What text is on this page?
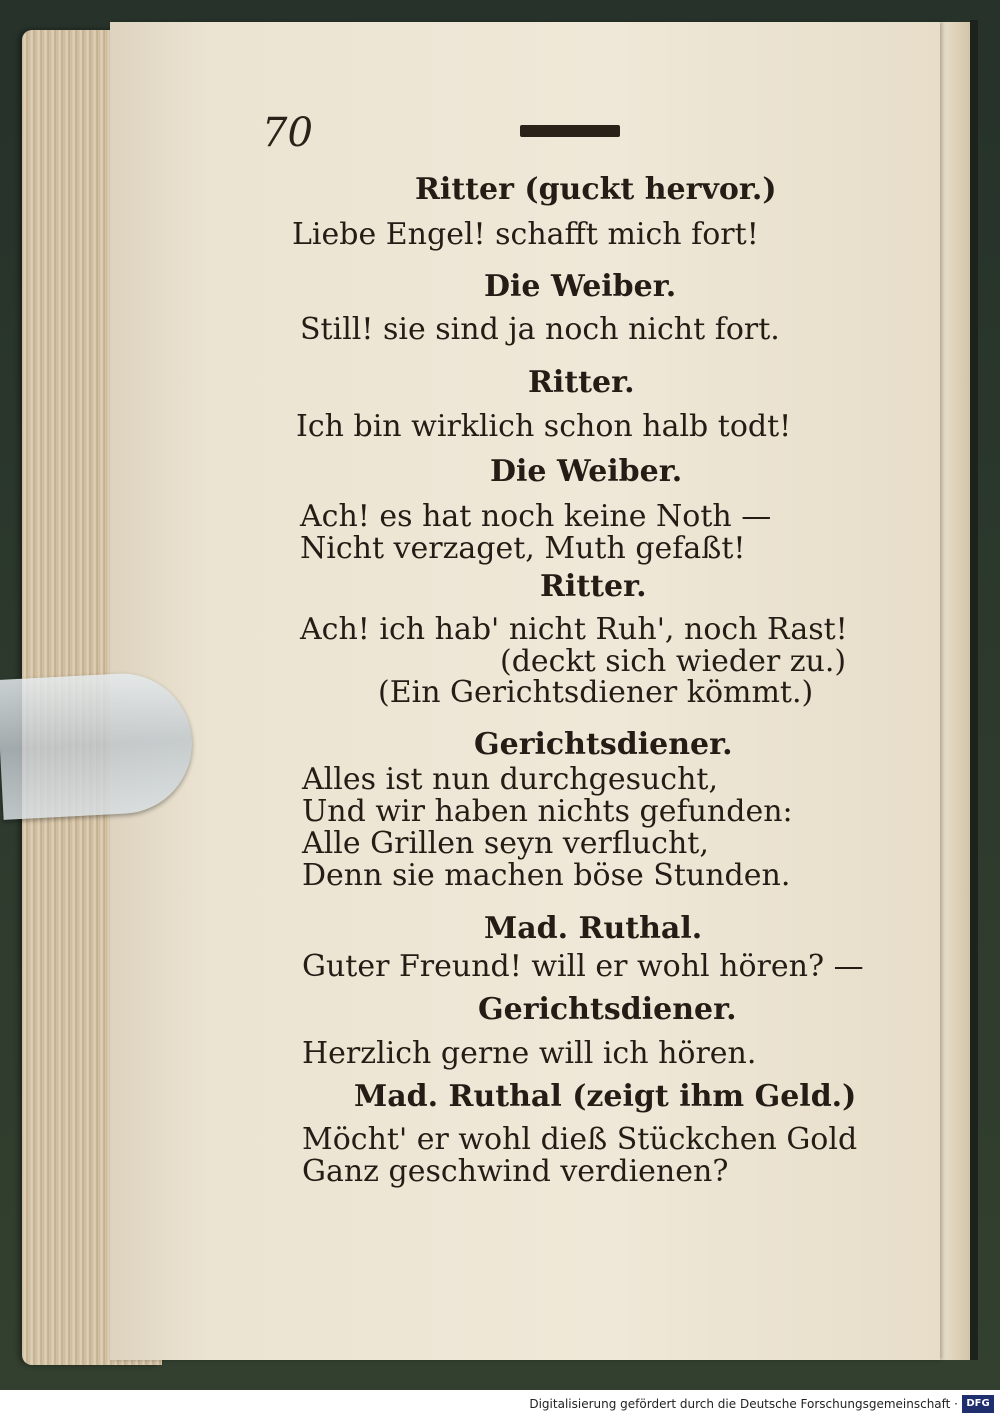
70
Ritter (guckt hervor.)
Liebe Engel! schafft mich fort!
Die Weiber.
Still! sie sind ja noch nicht fort.
Ritter.
Ich bin wirklich schon halb todt!
Die Weiber.
Ach! es hat noch keine Noth —
Nicht verzaget, Muth gefaßt!
Ritter.
Ach! ich hab' nicht Ruh', noch Rast!
(deckt sich wieder zu.)
(Ein Gerichtsdiener kömmt.)
Gerichtsdiener.
Alles ist nun durchgesucht,
Und wir haben nichts gefunden:
Alle Grillen seyn verflucht,
Denn sie machen böse Stunden.
Mad. Ruthal.
Guter Freund! will er wohl hören? —
Gerichtsdiener.
Herzlich gerne will ich hören.
Mad. Ruthal (zeigt ihm Geld.)
Möcht' er wohl dieß Stückchen Gold
Ganz geschwind verdienen?
Digitalisierung gefördert durch die Deutsche Forschungsgemeinschaft · DFG
